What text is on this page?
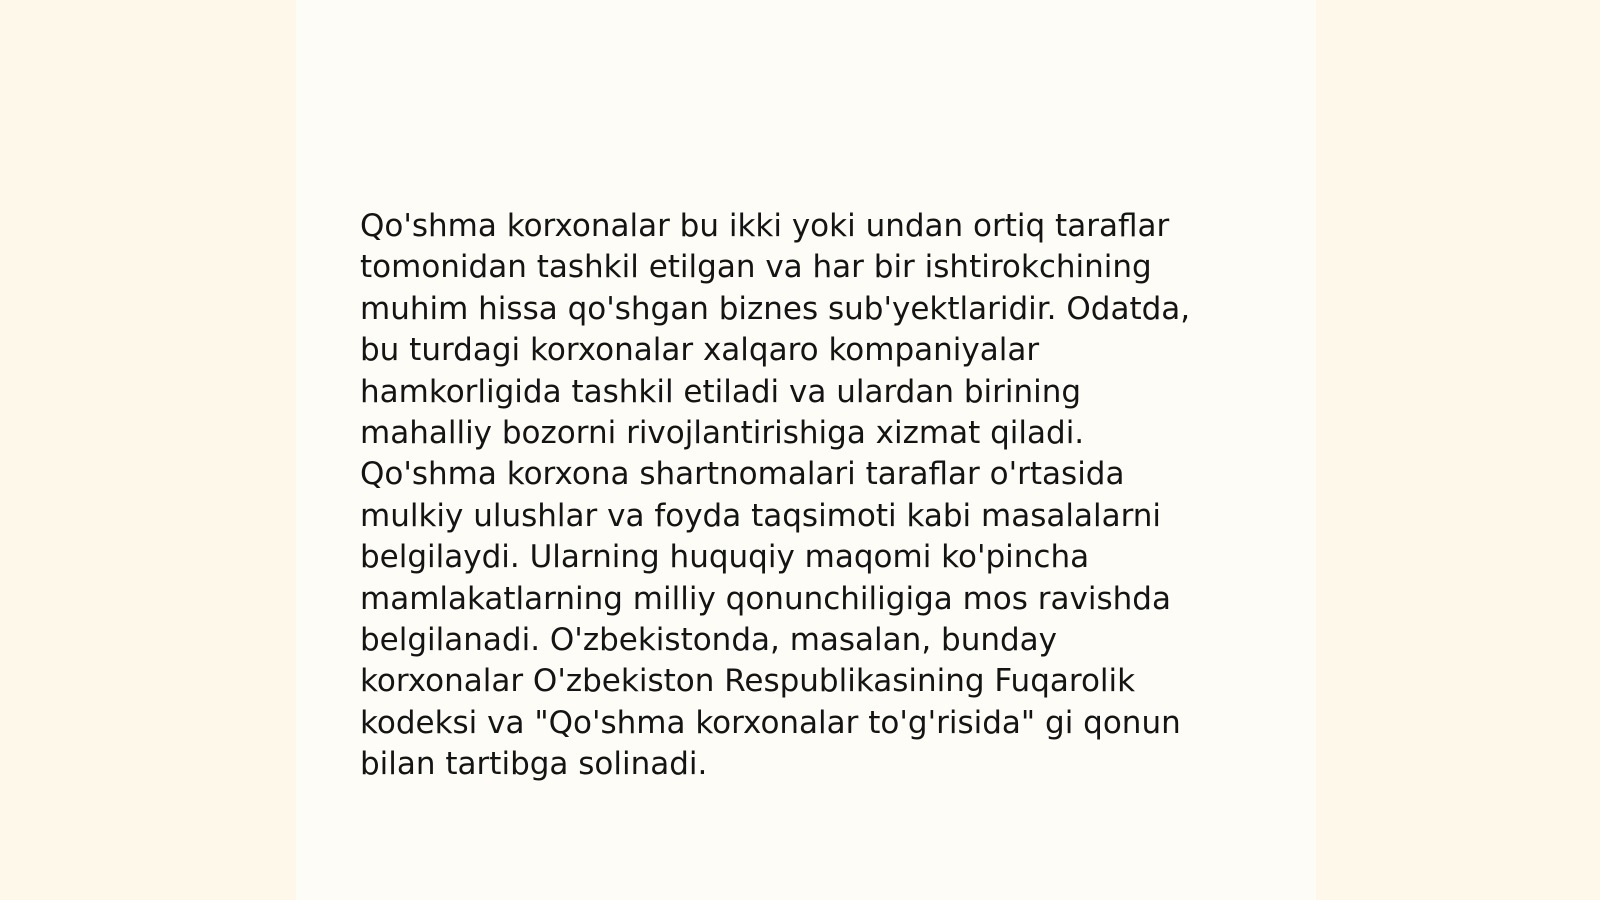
Qo'shma korxonalar bu ikki yoki undan ortiq taraflar
tomonidan tashkil etilgan va har bir ishtirokchining
muhim hissa qo'shgan biznes sub'yektlaridir. Odatda,
bu turdagi korxonalar xalqaro kompaniyalar
hamkorligida tashkil etiladi va ulardan birining
mahalliy bozorni rivojlantirishiga xizmat qiladi.
Qo'shma korxona shartnomalari taraflar o'rtasida
mulkiy ulushlar va foyda taqsimoti kabi masalalarni
belgilaydi. Ularning huquqiy maqomi ko'pincha
mamlakatlarning milliy qonunchiligiga mos ravishda
belgilanadi. O'zbekistonda, masalan, bunday
korxonalar O'zbekiston Respublikasining Fuqarolik
kodeksi va "Qo'shma korxonalar to'g'risida" gi qonun
bilan tartibga solinadi.
